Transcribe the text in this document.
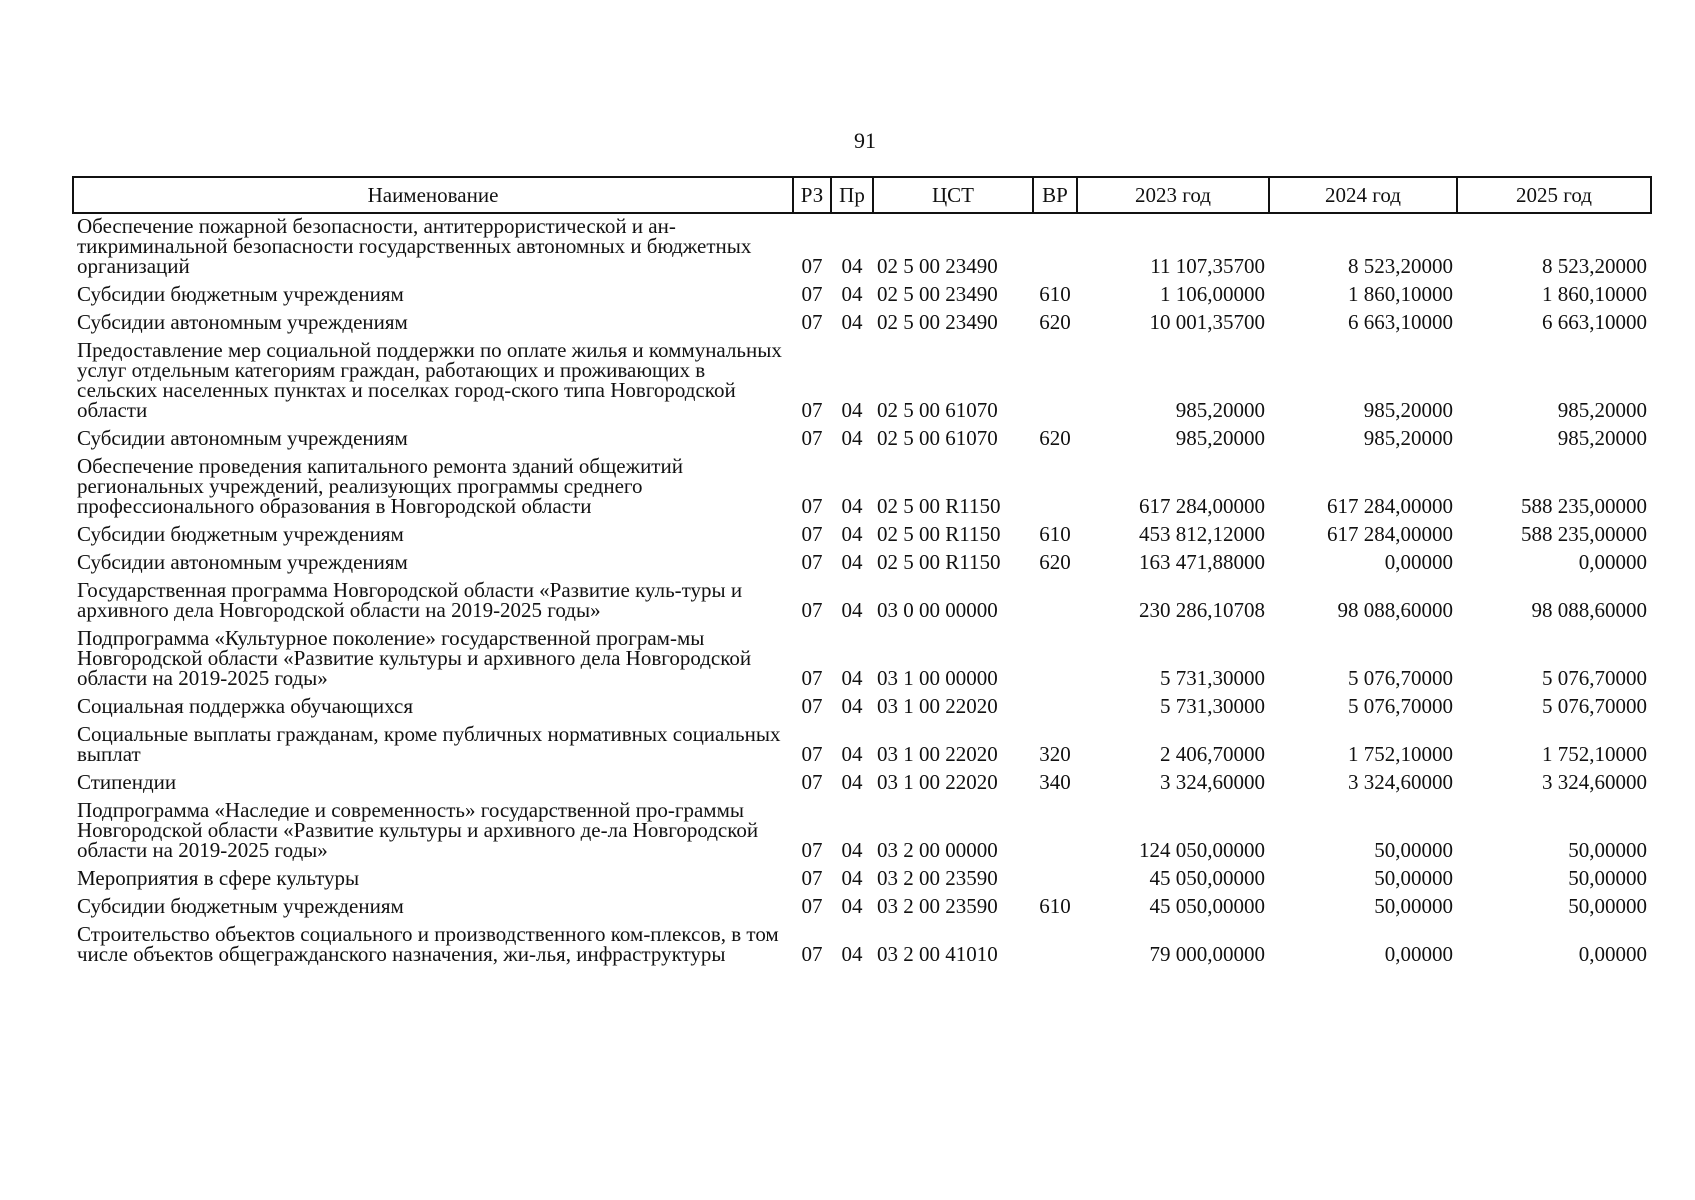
91
Наименование	РЗ	Пр	ЦСТ	ВР	2023 год	2024 год	2025 год
Обеспечение пожарной безопасности, антитеррористической и ан-тикриминальной безопасности государственных автономных и бюджетных организаций	07	04	02 5 00 23490		11 107,35700	8 523,20000	8 523,20000
Субсидии бюджетным учреждениям	07	04	02 5 00 23490	610	1 106,00000	1 860,10000	1 860,10000
Субсидии автономным учреждениям	07	04	02 5 00 23490	620	10 001,35700	6 663,10000	6 663,10000
Предоставление мер социальной поддержки по оплате жилья и коммунальных услуг отдельным категориям граждан, работающих и проживающих в сельских населенных пунктах и поселках город-ского типа Новгородской области	07	04	02 5 00 61070		985,20000	985,20000	985,20000
Субсидии автономным учреждениям	07	04	02 5 00 61070	620	985,20000	985,20000	985,20000
Обеспечение проведения капитального ремонта зданий общежитий региональных учреждений, реализующих программы среднего профессионального образования в Новгородской области	07	04	02 5 00 R1150		617 284,00000	617 284,00000	588 235,00000
Субсидии бюджетным учреждениям	07	04	02 5 00 R1150	610	453 812,12000	617 284,00000	588 235,00000
Субсидии автономным учреждениям	07	04	02 5 00 R1150	620	163 471,88000	0,00000	0,00000
Государственная программа Новгородской области «Развитие куль-туры и архивного дела Новгородской области на 2019-2025 годы»	07	04	03 0 00 00000		230 286,10708	98 088,60000	98 088,60000
Подпрограмма «Культурное поколение» государственной програм-мы Новгородской области «Развитие культуры и архивного дела Новгородской области на 2019-2025 годы»	07	04	03 1 00 00000		5 731,30000	5 076,70000	5 076,70000
Социальная поддержка обучающихся	07	04	03 1 00 22020		5 731,30000	5 076,70000	5 076,70000
Социальные выплаты гражданам, кроме публичных нормативных социальных выплат	07	04	03 1 00 22020	320	2 406,70000	1 752,10000	1 752,10000
Стипендии	07	04	03 1 00 22020	340	3 324,60000	3 324,60000	3 324,60000
Подпрограмма «Наследие и современность» государственной про-граммы Новгородской области «Развитие культуры и архивного де-ла Новгородской области на 2019-2025 годы»	07	04	03 2 00 00000		124 050,00000	50,00000	50,00000
Мероприятия в сфере культуры	07	04	03 2 00 23590		45 050,00000	50,00000	50,00000
Субсидии бюджетным учреждениям	07	04	03 2 00 23590	610	45 050,00000	50,00000	50,00000
Строительство объектов социального и производственного ком-плексов, в том числе объектов общегражданского назначения, жи-лья, инфраструктуры	07	04	03 2 00 41010		79 000,00000	0,00000	0,00000
